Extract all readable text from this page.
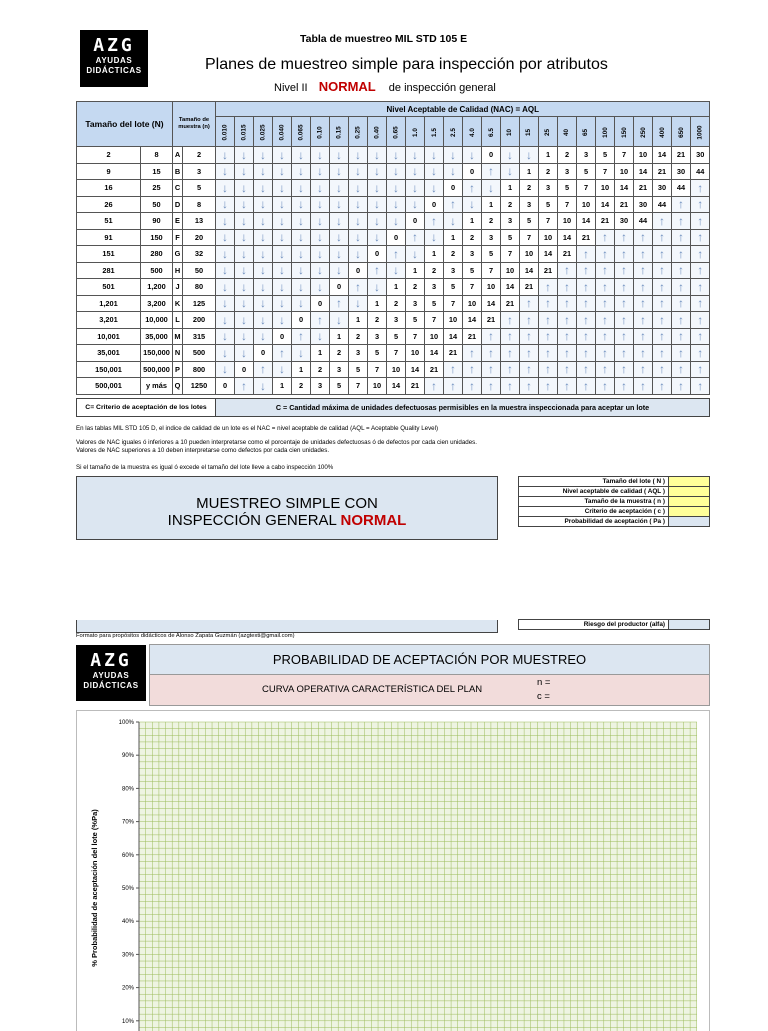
AZG
AYUDAS
DIDÁCTICAS
Tabla de muestreo MIL STD 105 E
Planes de muestreo simple para inspección por atributos
Nivel II NORMAL de inspección general
Tamaño del lote (N)		Tamaño de muestra (n)		Nivel Aceptable de Calidad (NAC) = AQL																									
				0.010	0.015	0.025	0.040	0.065	0.10	0.15	0.25	0.40	0.65	1.0	1.5	2.5	4.0	6.5	10	15	25	40	65	100	150	250	400	650	1000
2	8	A	2	↓	↓	↓	↓	↓	↓	↓	↓	↓	↓	↓	↓	↓	↓	0	↓	↓	1	2	3	5	7	10	14	21	30
9	15	B	3	↓	↓	↓	↓	↓	↓	↓	↓	↓	↓	↓	↓	↓	0	↑	↓	1	2	3	5	7	10	14	21	30	44
16	25	C	5	↓	↓	↓	↓	↓	↓	↓	↓	↓	↓	↓	↓	0	↑	↓	1	2	3	5	7	10	14	21	30	44	↑
26	50	D	8	↓	↓	↓	↓	↓	↓	↓	↓	↓	↓	↓	0	↑	↓	1	2	3	5	7	10	14	21	30	44	↑	↑
51	90	E	13	↓	↓	↓	↓	↓	↓	↓	↓	↓	↓	0	↑	↓	1	2	3	5	7	10	14	21	30	44	↑	↑	↑
91	150	F	20	↓	↓	↓	↓	↓	↓	↓	↓	↓	0	↑	↓	1	2	3	5	7	10	14	21	↑	↑	↑	↑	↑	↑
151	280	G	32	↓	↓	↓	↓	↓	↓	↓	↓	0	↑	↓	1	2	3	5	7	10	14	21	↑	↑	↑	↑	↑	↑	↑
281	500	H	50	↓	↓	↓	↓	↓	↓	↓	0	↑	↓	1	2	3	5	7	10	14	21	↑	↑	↑	↑	↑	↑	↑	↑
501	1,200	J	80	↓	↓	↓	↓	↓	↓	0	↑	↓	1	2	3	5	7	10	14	21	↑	↑	↑	↑	↑	↑	↑	↑	↑
1,201	3,200	K	125	↓	↓	↓	↓	↓	0	↑	↓	1	2	3	5	7	10	14	21	↑	↑	↑	↑	↑	↑	↑	↑	↑	↑
3,201	10,000	L	200	↓	↓	↓	↓	0	↑	↓	1	2	3	5	7	10	14	21	↑	↑	↑	↑	↑	↑	↑	↑	↑	↑	↑
10,001	35,000	M	315	↓	↓	↓	0	↑	↓	1	2	3	5	7	10	14	21	↑	↑	↑	↑	↑	↑	↑	↑	↑	↑	↑	↑
35,001	150,000	N	500	↓	↓	0	↑	↓	1	2	3	5	7	10	14	21	↑	↑	↑	↑	↑	↑	↑	↑	↑	↑	↑	↑	↑
150,001	500,000	P	800	↓	0	↑	↓	1	2	3	5	7	10	14	21	↑	↑	↑	↑	↑	↑	↑	↑	↑	↑	↑	↑	↑	↑
500,001	y más	Q	1250	0	↑	↓	1	2	3	5	7	10	14	21	↑	↑	↑	↑	↑	↑	↑	↑	↑	↑	↑	↑	↑	↑	↑
C= Criterio de aceptación de los lotes	C = Cantidad máxima de unidades defectuosas permisibles en la muestra inspeccionada para aceptar un lote
En las tablas MIL STD 105 D, el indice de calidad de un lote es el NAC = nivel aceptable de calidad (AQL = Aceptable Quality Level)
Valores de NAC iguales ó inferiores a 10 pueden interpretarse como el porcentaje de unidades defectuosas ó de defectos por cada cien unidades.
Valores de NAC superiores a 10 deben interpretarse como defectos por cada cien unidades.
Si el tamaño de la muestra es igual ó excede el tamaño del lote lleve a cabo inspección 100%
MUESTREO SIMPLE CON
INSPECCIÓN GENERAL NORMAL
Tamaño del lote ( N )	
Nivel aceptable de calidad ( AQL )	
Tamaño de la muestra ( n )	
Criterio de aceptación ( c )	
Probabilidad de aceptación ( Pa )	
Riesgo del productor (alfa)	
Formato para propósitos didácticos de Alonso Zapata Guzmán (azgtexti@gmail.com)
AZG
AYUDAS
DIDÁCTICAS
PROBABILIDAD DE ACEPTACIÓN POR MUESTREO
CURVA OPERATIVA CARACTERÍSTICA DEL PLAN
n =
c =
100%
90%
80%
70%
60%
50%
40%
30%
20%
10%
% Probabilidad de aceptación del lote (%Pa)
